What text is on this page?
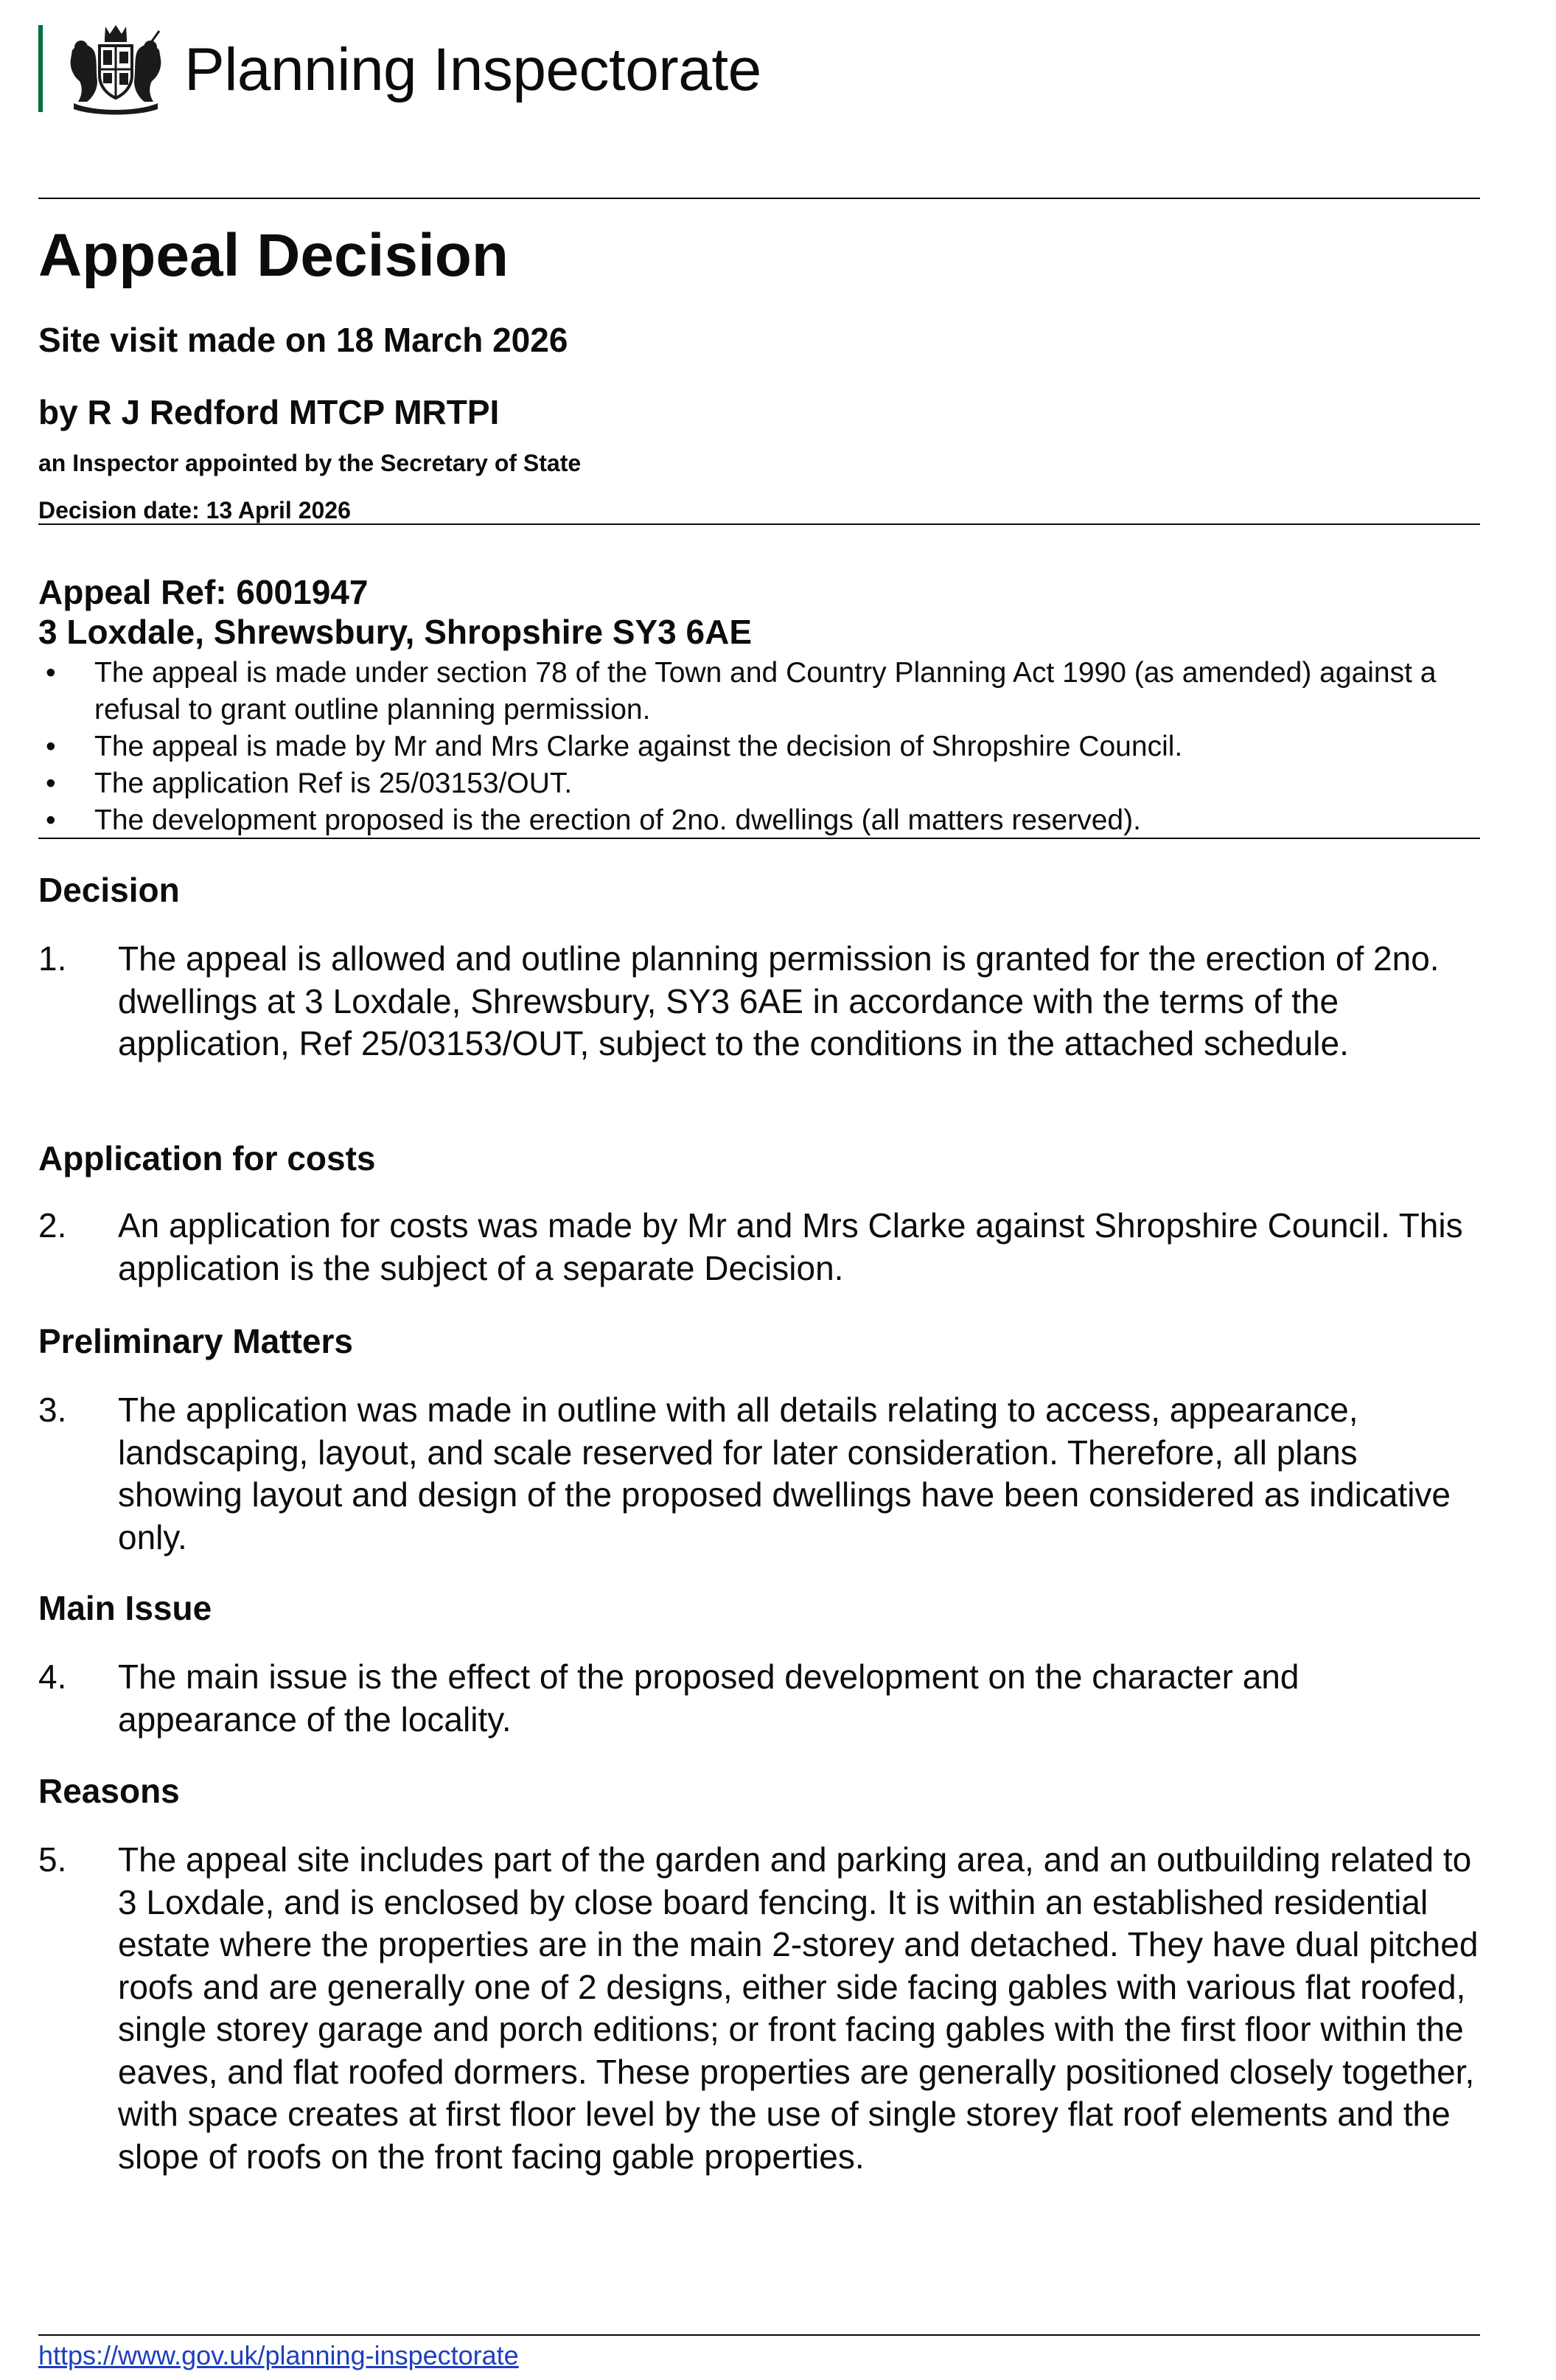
Planning Inspectorate
Appeal Decision
Site visit made on 18 March 2026
by R J Redford MTCP MRTPI
an Inspector appointed by the Secretary of State
Decision date: 13 April 2026
Appeal Ref: 6001947
3 Loxdale, Shrewsbury, Shropshire SY3 6AE
• The appeal is made under section 78 of the Town and Country Planning Act 1990 (as amended) against a refusal to grant outline planning permission.
• The appeal is made by Mr and Mrs Clarke against the decision of Shropshire Council.
• The application Ref is 25/03153/OUT.
• The development proposed is the erection of 2no. dwellings (all matters reserved).
Decision
1. The appeal is allowed and outline planning permission is granted for the erection of 2no. dwellings at 3 Loxdale, Shrewsbury, SY3 6AE in accordance with the terms of the application, Ref 25/03153/OUT, subject to the conditions in the attached schedule.
Application for costs
2. An application for costs was made by Mr and Mrs Clarke against Shropshire Council. This application is the subject of a separate Decision.
Preliminary Matters
3. The application was made in outline with all details relating to access, appearance, landscaping, layout, and scale reserved for later consideration. Therefore, all plans showing layout and design of the proposed dwellings have been considered as indicative only.
Main Issue
4. The main issue is the effect of the proposed development on the character and appearance of the locality.
Reasons
5. The appeal site includes part of the garden and parking area, and an outbuilding related to 3 Loxdale, and is enclosed by close board fencing. It is within an established residential estate where the properties are in the main 2-storey and detached. They have dual pitched roofs and are generally one of 2 designs, either side facing gables with various flat roofed, single storey garage and porch editions; or front facing gables with the first floor within the eaves, and flat roofed dormers. These properties are generally positioned closely together, with space creates at first floor level by the use of single storey flat roof elements and the slope of roofs on the front facing gable properties.
https://www.gov.uk/planning-inspectorate
